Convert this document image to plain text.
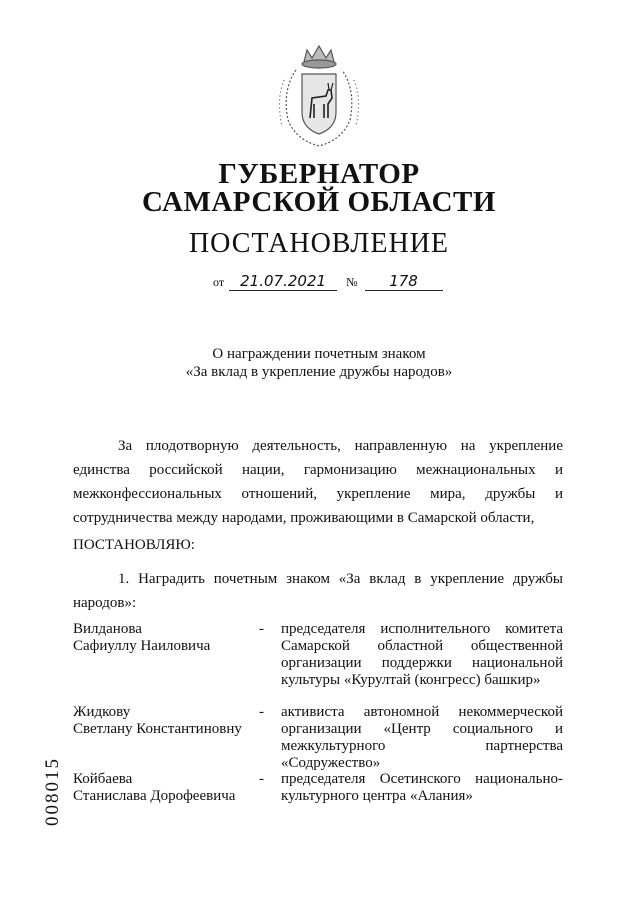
ГУБЕРНАТОР
САМАРСКОЙ ОБЛАСТИ
ПОСТАНОВЛЕНИЕ
от 21.07.2021 № 178
О награждении почетным знаком
«За вклад в укрепление дружбы народов»
За плодотворную деятельность, направленную на укрепление единства российской нации, гармонизацию межнациональных и межконфессиональных отношений, укрепление мира, дружбы и сотрудничества между народами, проживающими в Самарской области,
ПОСТАНОВЛЯЮ:
1. Наградить почетным знаком «За вклад в укрепление дружбы народов»:
Вилданова
Сафиуллу Наиловича
- председателя исполнительного комитета Самарской областной общественной организации поддержки национальной культуры «Курултай (конгресс) башкир»
Жидкову
Светлану Константиновну
- активиста автономной некоммерческой организации «Центр социального и межкультурного партнерства «Содружество»
Койбаева
Станислава Дорофеевича
- председателя Осетинского национально-культурного центра «Алания»
008015
